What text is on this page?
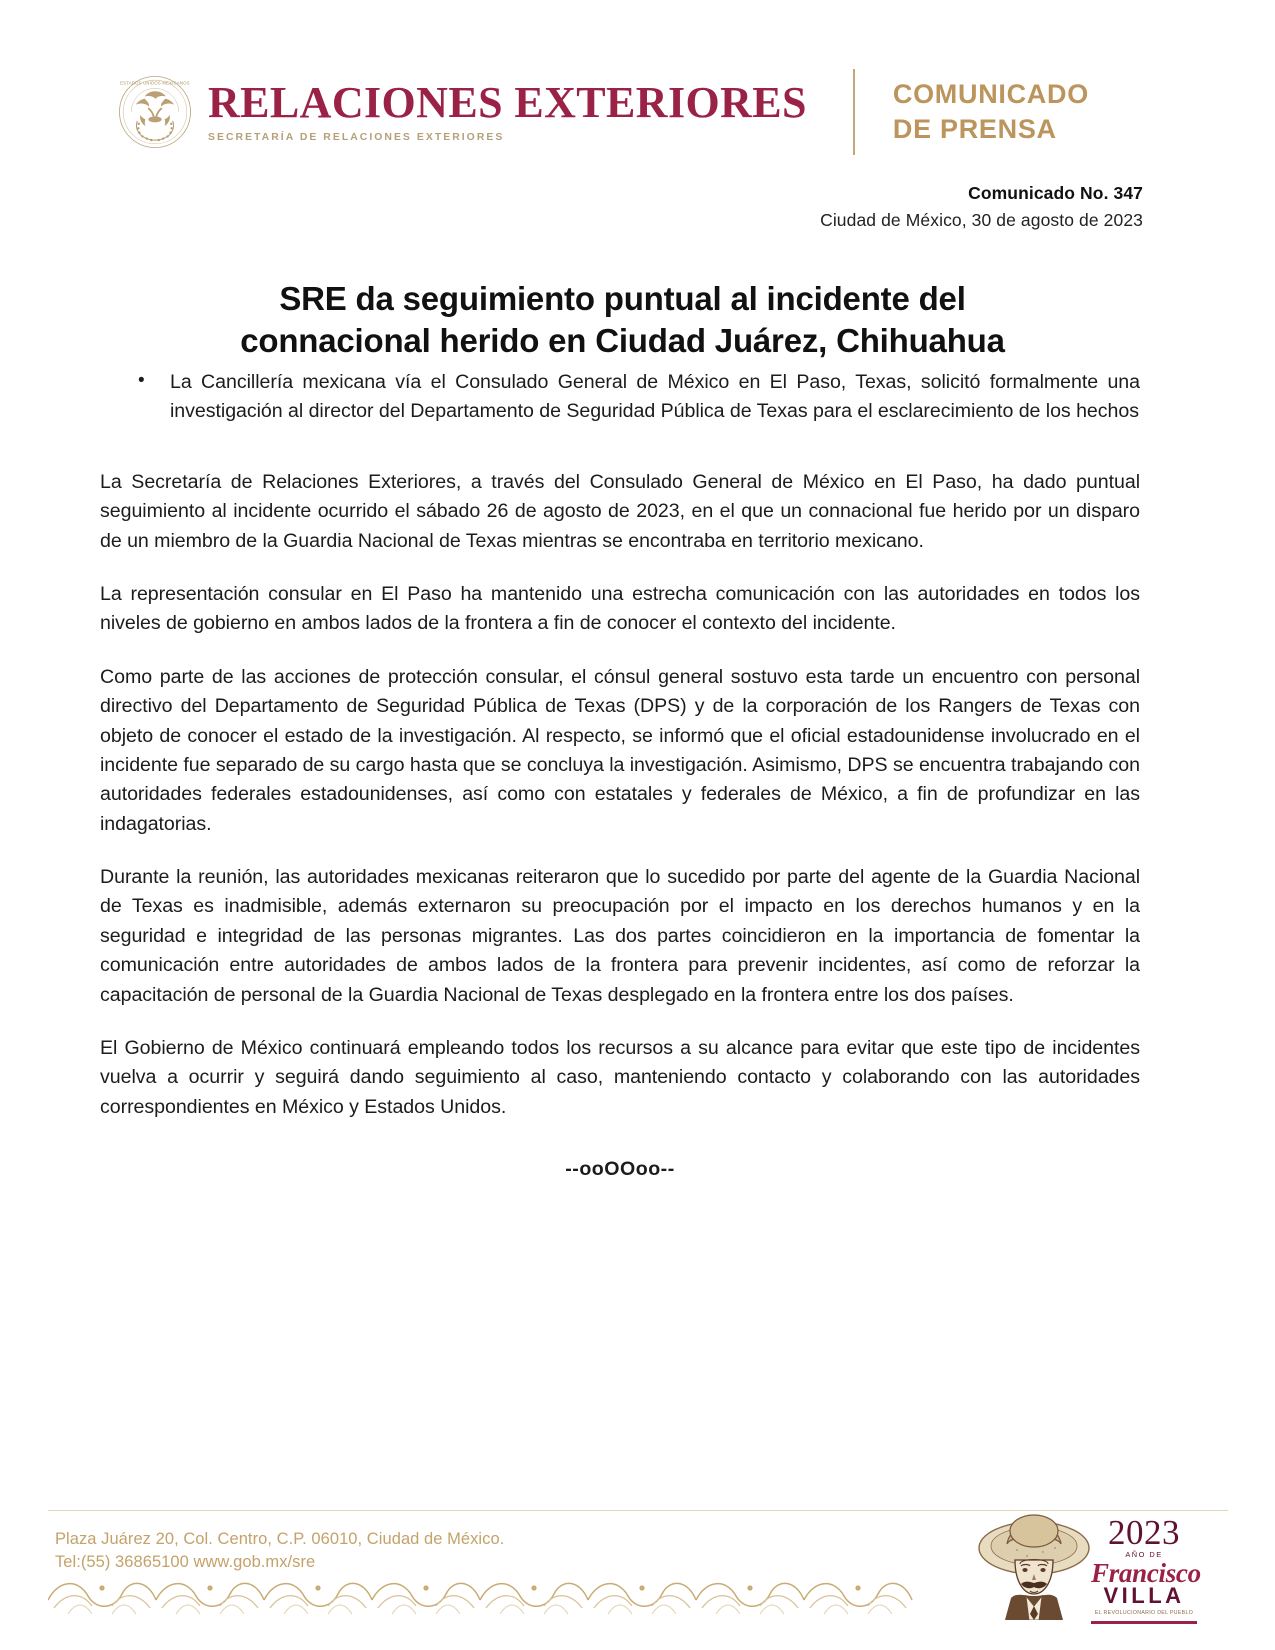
ESTADOS UNIDOS MEXICANOS RELACIONES EXTERIORES
SECRETARÍA DE RELACIONES EXTERIORES
COMUNICADO
DE PRENSA
Comunicado No. 347
Ciudad de México, 30 de agosto de 2023
SRE da seguimiento puntual al incidente del
connacional herido en Ciudad Juárez, Chihuahua
• La Cancillería mexicana vía el Consulado General de México en El Paso, Texas, solicitó formalmente una investigación al director del Departamento de Seguridad Pública de Texas para el esclarecimiento de los hechos

La Secretaría de Relaciones Exteriores, a través del Consulado General de México en El Paso, ha dado puntual seguimiento al incidente ocurrido el sábado 26 de agosto de 2023, en el que un connacional fue herido por un disparo de un miembro de la Guardia Nacional de Texas mientras se encontraba en territorio mexicano.

La representación consular en El Paso ha mantenido una estrecha comunicación con las autoridades en todos los niveles de gobierno en ambos lados de la frontera a fin de conocer el contexto del incidente.

Como parte de las acciones de protección consular, el cónsul general sostuvo esta tarde un encuentro con personal directivo del Departamento de Seguridad Pública de Texas (DPS) y de la corporación de los Rangers de Texas con objeto de conocer el estado de la investigación. Al respecto, se informó que el oficial estadounidense involucrado en el incidente fue separado de su cargo hasta que se concluya la investigación. Asimismo, DPS se encuentra trabajando con autoridades federales estadounidenses, así como con estatales y federales de México, a fin de profundizar en las indagatorias.

Durante la reunión, las autoridades mexicanas reiteraron que lo sucedido por parte del agente de la Guardia Nacional de Texas es inadmisible, además externaron su preocupación por el impacto en los derechos humanos y en la seguridad e integridad de las personas migrantes. Las dos partes coincidieron en la importancia de fomentar la comunicación entre autoridades de ambos lados de la frontera para prevenir incidentes, así como de reforzar la capacitación de personal de la Guardia Nacional de Texas desplegado en la frontera entre los dos países.

El Gobierno de México continuará empleando todos los recursos a su alcance para evitar que este tipo de incidentes vuelva a ocurrir y seguirá dando seguimiento al caso, manteniendo contacto y colaborando con las autoridades correspondientes en México y Estados Unidos.

--ooOOoo--
Plaza Juárez 20, Col. Centro, C.P. 06010, Ciudad de México.
Tel:(55) 36865100 www.gob.mx/sre
2023
AÑO DE
Francisco
VILLA
EL REVOLUCIONARIO DEL PUEBLO
